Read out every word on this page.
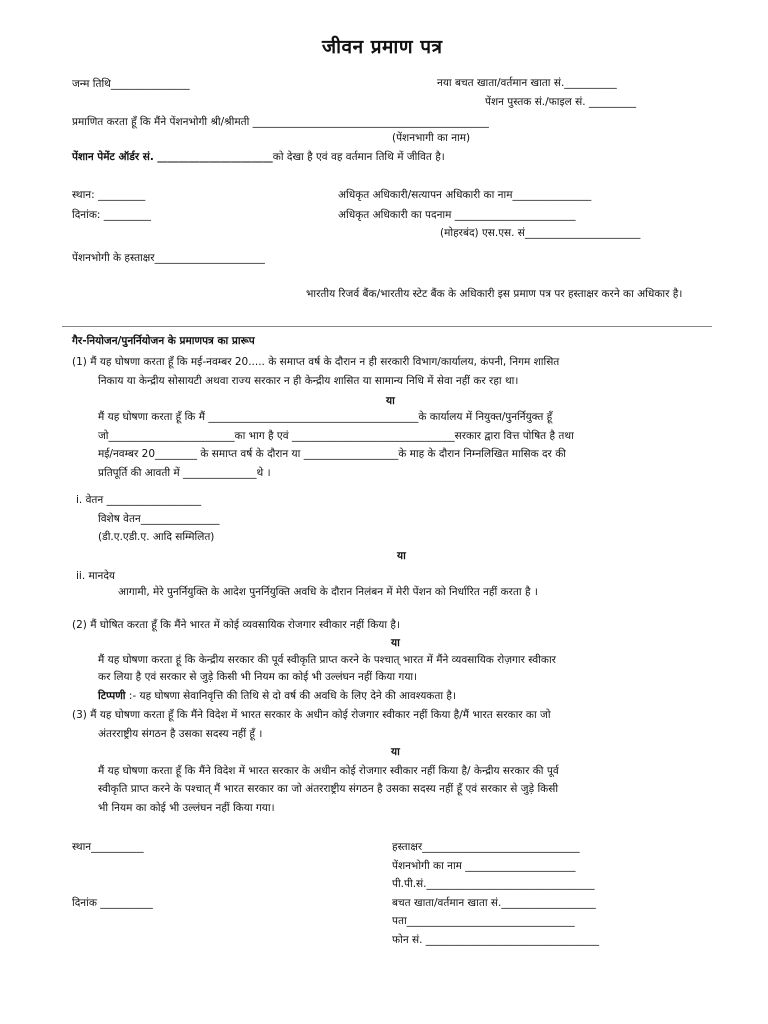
जीवन प्रमाण पत्र
जन्म तिथि_______________	नया बचत खाता/वर्तमान खाता सं.__________
पेंशन पुस्तक सं./फाइल सं. _________
प्रमाणित करता हूँ कि मैंने पेंशनभोगी श्री/श्रीमती _____________________________________________
(पेंशनभागी का नाम)
पेंशान पेमेंट ऑर्डर सं. ______________________को देखा है एवं वह वर्तमान तिथि में जीवित है।
स्थान: _________
दिनांक: _________
अधिकृत अधिकारी/सत्यापन अधिकारी का नाम_______________
अधिकृत अधिकारी का पदनाम _______________________
(मोहरबंद) एस.एस. सं______________________
पेंशनभोगी के हस्ताक्षर_____________________
भारतीय रिजर्व बैंक/भारतीय स्टेट बैंक के अधिकारी इस प्रमाण पत्र पर हस्ताक्षर करने का अधिकार है।
गैर-नियोजन/पुनर्नियोजन के प्रमाणपत्र का प्रारूप
(1) मैं यह घोषणा करता हूँ कि मई-नवम्बर 20..... के समाप्त वर्ष के दौरान न ही सरकारी विभाग/कार्यालय, कंपनी, निगम शासित
निकाय या केन्द्रीय सोसायटी अथवा राज्य सरकार न ही केन्द्रीय शासित या सामान्य निधि में सेवा नहीं कर रहा था।
या
मैं यह घोषणा करता हूँ कि मैं ________________________________________के कार्यालय में नियुक्त/पुनर्नियुक्त हूँ
जो________________________का भाग है एवं _______________________________सरकार द्वारा वित्त पोषित है तथा
मई/नवम्बर 20________ के समाप्त वर्ष के दौरान या __________________के माह के दौरान निम्नलिखित मासिक दर की
प्रतिपूर्ति की आवती में ______________थे ।
i. वेतन __________________
विशेष वेतन_______________
(डी.ए.एडी.ए. आदि सम्मिलित)
या
ii. मानदेय
आगामी, मेरे पुनर्नियुक्ति के आदेश पुनर्नियुक्ति अवधि के दौरान निलंबन में मेरी पेंशन को निर्धारित नहीं करता है ।
(2) मैं घोषित करता हूँ कि मैंने भारत में कोई व्यवसायिक रोजगार स्वीकार नहीं किया है।
या
मैं यह घोषणा करता हूं कि केन्द्रीय सरकार की पूर्व स्वीकृति प्राप्त करने के पश्चात् भारत में मैंने व्यवसायिक रोज़गार स्वीकार
कर लिया है एवं सरकार से जुड़े किसी भी नियम का कोई भी उल्लंघन नहीं किया गया।
टिप्पणी :- यह घोषणा सेवानिवृत्ति की तिथि से दो वर्ष की अवधि के लिए देने की आवश्यकता है।
(3) मैं यह घोषणा करता हूँ कि मैंने विदेश में भारत सरकार के अधीन कोई रोजगार स्वीकार नहीं किया है/मैं भारत सरकार का जो
अंतरराष्ट्रीय संगठन है उसका सदस्य नहीं हूँ ।
या
मैं यह घोषणा करता हूँ कि मैंने विदेश में भारत सरकार के अधीन कोई रोजगार स्वीकार नहीं किया है/ केन्द्रीय सरकार की पूर्व
स्वीकृति प्राप्त करने के पश्चात् मैं भारत सरकार का जो अंतरराष्ट्रीय संगठन है उसका सदस्य नहीं हूँ एवं सरकार से जुड़े किसी
भी नियम का कोई भी उल्लंघन नहीं किया गया।
स्थान__________
दिनांक __________
हस्ताक्षर______________________________
पेंशनभोगी का नाम _____________________
पी.पी.सं.________________________________
बचत खाता/वर्तमान खाता सं.__________________
पता________________________________
फोन सं. _________________________________
